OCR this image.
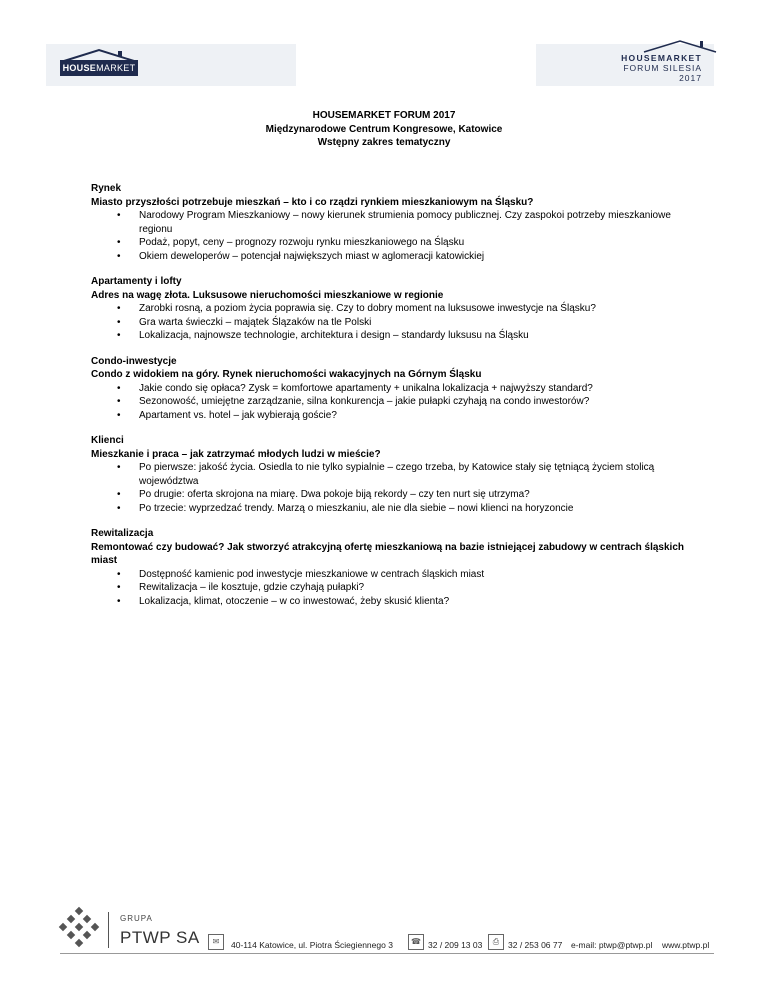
HOUSEMARKET
HOUSEMARKET
FORUM SILESIA
2017
HOUSEMARKET FORUM 2017
Międzynarodowe Centrum Kongresowe, Katowice
Wstępny zakres tematyczny

Rynek

Miasto przyszłości potrzebuje mieszkań – kto i co rządzi rynkiem mieszkaniowym na Śląsku?

• Narodowy Program Mieszkaniowy – nowy kierunek strumienia pomocy publicznej. Czy zaspokoi potrzeby mieszkaniowe regionu
• Podaż, popyt, ceny – prognozy rozwoju rynku mieszkaniowego na Śląsku
• Okiem deweloperów – potencjał największych miast w aglomeracji katowickiej

Apartamenty i lofty

Adres na wagę złota. Luksusowe nieruchomości mieszkaniowe w regionie

• Zarobki rosną, a poziom życia poprawia się. Czy to dobry moment na luksusowe inwestycje na Śląsku?
• Gra warta świeczki – majątek Ślązaków na tle Polski
• Lokalizacja, najnowsze technologie, architektura i design – standardy luksusu na Śląsku

Condo-inwestycje

Condo z widokiem na góry. Rynek nieruchomości wakacyjnych na Górnym Śląsku

• Jakie condo się opłaca? Zysk = komfortowe apartamenty + unikalna lokalizacja + najwyższy standard?
• Sezonowość, umiejętne zarządzanie, silna konkurencja – jakie pułapki czyhają na condo inwestorów?
• Apartament vs. hotel – jak wybierają goście?

Klienci

Mieszkanie i praca – jak zatrzymać młodych ludzi w mieście?

• Po pierwsze: jakość życia. Osiedla to nie tylko sypialnie – czego trzeba, by Katowice stały się tętniącą życiem stolicą województwa
• Po drugie: oferta skrojona na miarę. Dwa pokoje biją rekordy – czy ten nurt się utrzyma?
• Po trzecie: wyprzedzać trendy. Marzą o mieszkaniu, ale nie dla siebie – nowi klienci na horyzoncie

Rewitalizacja

Remontować czy budować? Jak stworzyć atrakcyjną ofertę mieszkaniową na bazie istniejącej zabudowy w centrach śląskich miast

• Dostępność kamienic pod inwestycje mieszkaniowe w centrach śląskich miast
• Rewitalizacja – ile kosztuje, gdzie czyhają pułapki?
• Lokalizacja, klimat, otoczenie – w co inwestować, żeby skusić klienta?
GRUPA
PTWP SA	✉	40-114 Katowice, ul. Piotra Ściegiennego 3	☎ 32 / 209 13 03	⎙	32 / 253 06 77 e-mail: ptwp@ptwp.pl www.ptwp.pl
